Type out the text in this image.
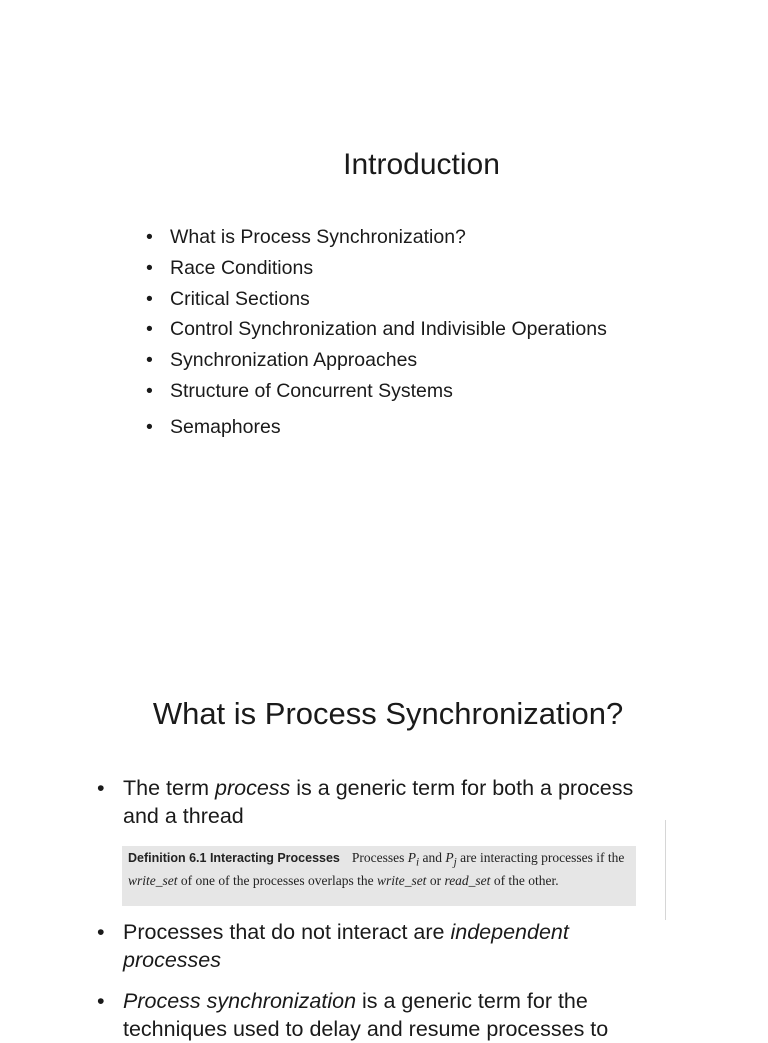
Introduction
• What is Process Synchronization?
• Race Conditions
• Critical Sections
• Control Synchronization and Indivisible Operations
• Synchronization Approaches
• Structure of Concurrent Systems
• Semaphores
What is Process Synchronization?
• The term process is a generic term for both a process and a thread
Definition 6.1 Interacting Processes Processes $P_i$ and $P_j$ are interacting processes if the write_set of one of the processes overlaps the write_set or read_set of the other.
• Processes that do not interact are independent processes
• Process synchronization is a generic term for the techniques used to delay and resume processes to
